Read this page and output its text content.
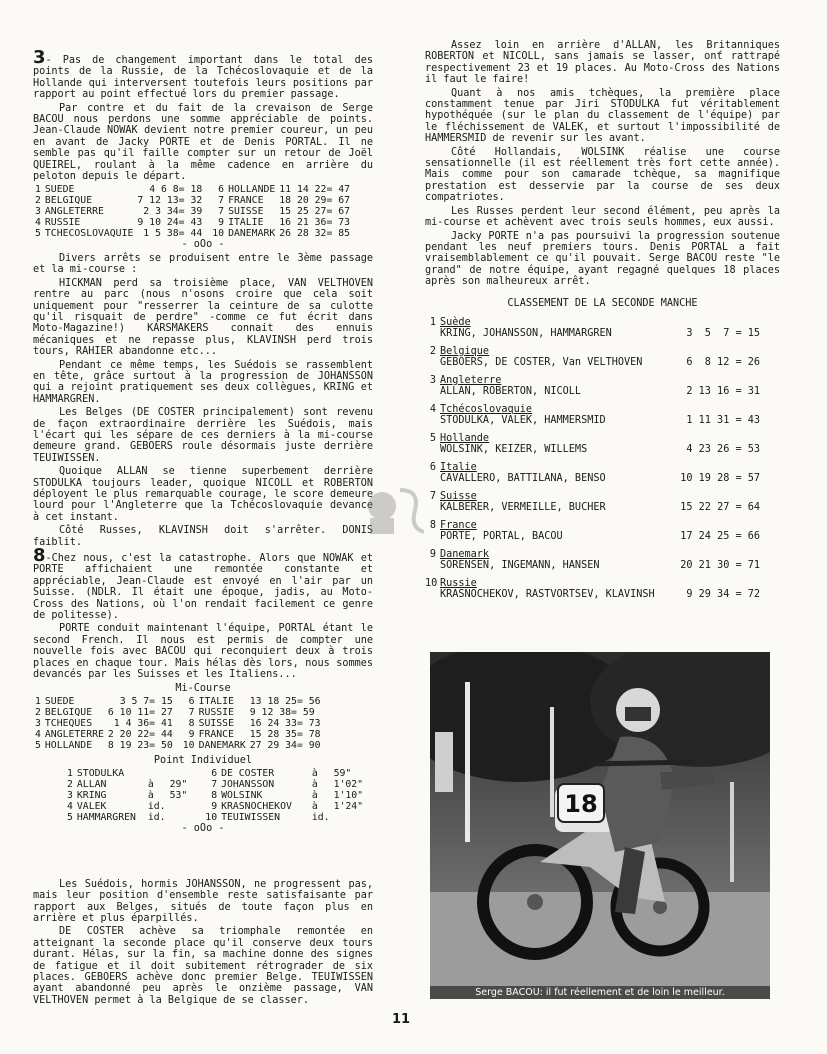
3- Pas de changement important dans le total des points de la Russie, de la Tchécoslovaquie et de la Hollande qui interversent toutefois leurs positions par rapport au point effectué lors du premier passage.

Par contre et du fait de la crevaison de Serge BACOU nous perdons une somme appréciable de points. Jean-Claude NOWAK devient notre premier coureur, un peu en avant de Jacky PORTE et de Denis PORTAL. Il ne semble pas qu'il faille compter sur un retour de Joël QUEIREL, roulant à la même cadence en arrière du peloton depuis le départ.

1	SUEDE	4 6 8= 18	6	HOLLANDE	11 14 22= 47
2	BELGIQUE	7 12 13= 32	7	FRANCE	18 20 29= 67
3	ANGLETERRE	2 3 34= 39	7	SUISSE	15 25 27= 67
4	RUSSIE	9 10 24= 43	9	ITALIE	16 21 36= 73
5	TCHECOSLOVAQUIE	1 5 38= 44	10	DANEMARK	26 28 32= 85

- oOo -

Divers arrêts se produisent entre le 3ème passage et la mi-course :

HICKMAN perd sa troisième place, VAN VELTHOVEN rentre au parc (nous n'osons croire que cela soit uniquement pour "resserrer la ceinture de sa culotte qu'il risquait de perdre" -comme ce fut écrit dans Moto-Magazine!) KARSMAKERS connait des ennuis mécaniques et ne repasse plus, KLAVINSH perd trois tours, RAHIER abandonne etc...

Pendant ce même temps, les Suédois se rassemblent en tête, grâce surtout à la progression de JOHANSSON qui a rejoint pratiquement ses deux collègues, KRING et HAMMARGREN.

Les Belges (DE COSTER principalement) sont revenu de façon extraordinaire derrière les Suédois, mais l'écart qui les sépare de ces derniers à la mi-course demeure grand. GEBOERS roule désormais juste derrière TEUIWISSEN.

Quoique ALLAN se tienne superbement derrière STODULKA toujours leader, quoique NICOLL et ROBERTON déployent le plus remarquable courage, le score demeure lourd pour l'Angleterre que la Tchécoslovaquie devance à cet instant.

Côté Russes, KLAVINSH doit s'arrêter. DONIS faiblit.

8-Chez nous, c'est la catastrophe. Alors que NOWAK et PORTE affichaient une remontée constante et appréciable, Jean-Claude est envoyé en l'air par un Suisse. (NDLR. Il était une époque, jadis, au Moto-Cross des Nations, où l'on rendait facilement ce genre de politesse).

PORTE conduit maintenant l'équipe, PORTAL étant le second French. Il nous est permis de compter une nouvelle fois avec BACOU qui reconquiert deux à trois places en chaque tour. Mais hélas dès lors, nous sommes devancés par les Suisses et les Italiens...

Mi-Course

1	SUEDE	3 5 7= 15	6	ITALIE	13 18 25= 56
2	BELGIQUE	6 10 11= 27	7	RUSSIE	9 12 38= 59
3	TCHEQUES	1 4 36= 41	8	SUISSE	16 24 33= 73
4	ANGLETERRE	2 20 22= 44	9	FRANCE	15 28 35= 78
5	HOLLANDE	8 19 23= 50	10	DANEMARK	27 29 34= 90

Point Individuel

1	STODULKA			6	DE COSTER	à	59"
2	ALLAN	à	29"	7	JOHANSSON	à	1'02"
3	KRING	à	53"	8	WOLSINK	à	1'10"
4	VALEK	id.		9	KRASNOCHEKOV	à	1'24"
5	HAMMARGREN	id.		10	TEUIWISSEN	id.	

- oOo -

Les Suédois, hormis JOHANSSON, ne progressent pas, mais leur position d'ensemble reste satisfaisante par rapport aux Belges, situés de toute façon plus en arrière et plus éparpillés.

DE COSTER achève sa triomphale remontée en atteignant la seconde place qu'il conserve deux tours durant. Hélas, sur la fin, sa machine donne des signes de fatigue et il doit subitement rétrograder de six places. GEBOERS achève donc premier Belge. TEUIWISSEN ayant abandonné peu après le onzième passage, VAN VELTHOVEN permet à la Belgique de se classer.

Assez loin en arrière d'ALLAN, les Britanniques ROBERTON et NICOLL, sans jamais se lasser, onť rattrapé respectivement 23 et 19 places. Au Moto-Cross des Nations il faut le faire!

Quant à nos amis tchèques, la première place constamment tenue par Jiri STODULKA fut véritablement hypothéquée (sur le plan du classement de l'équipe) par le fléchissement de VALEK, et surtout l'impossibilité de HAMMERSMID de revenir sur les avant.

Côté Hollandais, WOLSINK réalise une course sensationnelle (il est réellement très fort cette année). Mais comme pour son camarade tchèque, sa magnifique prestation est desservie par la course de ses deux compatriotes.

Les Russes perdent leur second élément, peu après la mi-course et achèvent avec trois seuls hommes, eux aussi.

Jacky PORTE n'a pas poursuivi la progression soutenue pendant les neuf premiers tours. Denis PORTAL a fait vraisemblablement ce qu'il pouvait. Serge BACOU reste "le grand" de notre équipe, ayant regagné quelques 18 places après son malheureux arrêt.

CLASSEMENT DE LA SECONDE MANCHE
1 Suède
KRING, JOHANSSON, HAMMARGREN	3  5  7 = 15
2 Belgique
GEBOERS, DE COSTER, Van VELTHOVEN	6  8 12 = 26
3 Angleterre
ALLAN, ROBERTON, NICOLL	2 13 16 = 31
4 Tchécoslovaquie
STODULKA, VALEK, HAMMERSMID	1 11 31 = 43
5 Hollande
WOLSINK, KEIZER, WILLEMS	4 23 26 = 53
6 Italie
CAVALLERO, BATTILANA, BENSO	10 19 28 = 57
7 Suisse
KALBERER, VERMEILLE, BUCHER	15 22 27 = 64
8 France
PORTE, PORTAL, BACOU	17 24 25 = 66
9 Danemark
SORENSEN, INGEMANN, HANSEN	20 21 30 = 71
10 Russie
KRASNOCHEKOV, RASTVORTSEV, KLAVINSH	9 29 34 = 72
18
Serge BACOU: il fut réellement et de loin le meilleur.
11
